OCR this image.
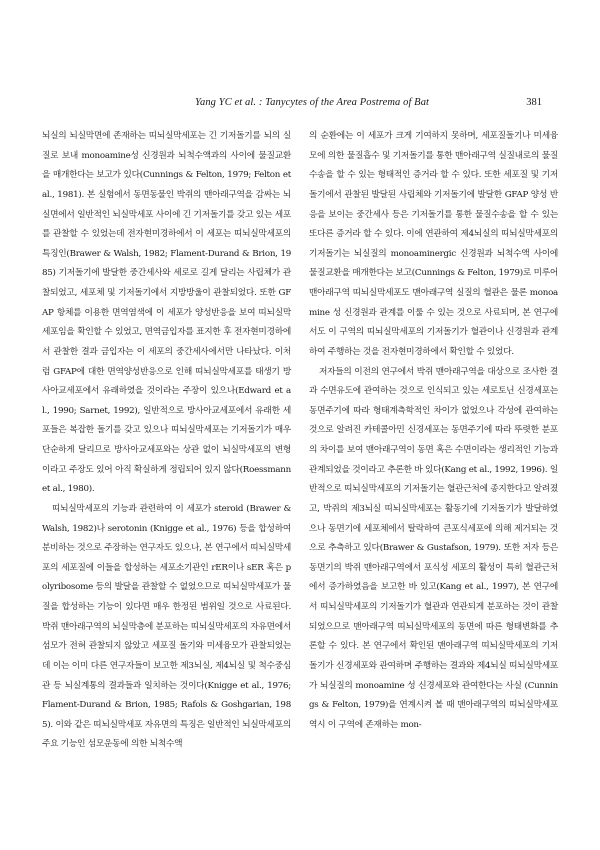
Yang YC et al. : Tanycytes of the Area Postrema of Bat	381

뇌실의 뇌실막면에 존재하는 띠뇌실막세포는 긴 기저돌기를 뇌의 실질로 보내 monoamine성 신경원과 뇌척수액과의 사이에 물질교환을 매개한다는 보고가 있다(Cunnings & Felton, 1979; Felton et al., 1981). 본 실험에서 동면동물인 박쥐의 맨아래구역을 감싸는 뇌실면에서 일반적인 뇌실막세포 사이에 긴 기저돌기를 갖고 있는 세포를 관찰할 수 있었는데 전자현미경하에서 이 세포는 띠뇌실막세포의 특징인(Brawer & Walsh, 1982; Flament-Durand & Brion, 1985) 기저돌기에 발달한 중간세사와 세로로 길게 달리는 사립체가 관찰되었고, 세포체 및 기저돌기에서 지방방울이 관찰되었다. 또한 GFAP 항체를 이용한 면역염색에 이 세포가 양성반응을 보여 띠뇌실막세포임을 확인할 수 있었고, 면역금입자를 표지한 후 전자현미경하에서 관찰한 결과 금입자는 이 세포의 중간세사에서만 나타났다. 이처럼 GFAP에 대한 면역양성반응으로 인해 띠뇌실막세포를 태생기 방사아교세포에서 유래하였을 것이라는 주장이 있으나(Edward et al., 1990; Sarnet, 1992), 일반적으로 방사아교세포에서 유래한 세포들은 복잡한 돌기를 갖고 있으나 띠뇌실막세포는 기저돌기가 매우 단순하게 달리므로 방사아교세포와는 상관 없이 뇌실막세포의 변형이라고 주장도 있어 아직 확실하게 정립되어 있지 않다(Roessmann et al., 1980).

띠뇌실막세포의 기능과 관련하여 이 세포가 steroid (Brawer & Walsh, 1982)나 serotonin (Knigge et al., 1976) 등을 합성하여 분비하는 것으로 주장하는 연구자도 있으나, 본 연구에서 띠뇌실막세포의 세포질에 이들을 합성하는 세포소기관인 rER이나 sER 혹은 polyribosome 등의 발달을 관찰할 수 없었으므로 띠뇌실막세포가 물질을 합성하는 기능이 있다면 매우 한정된 범위일 것으로 사료된다. 박쥐 맨아래구역의 뇌실막층에 분포하는 띠뇌실막세포의 자유면에서 섬모가 전혀 관찰되지 않았고 세포질 돌기와 미세융모가 관찰되었는데 이는 이미 다른 연구자들이 보고한 제3뇌실, 제4뇌실 및 척수중심관 등 뇌실계통의 결과들과 일치하는 것이다(Knigge et al., 1976; Flament-Durand & Brion, 1985; Rafols & Goshgarian, 1985). 이와 같은 띠뇌실막세포 자유면의 특징은 일반적인 뇌실막세포의 주요 기능인 섬모운동에 의한 뇌척수액

의 순환에는 이 세포가 크게 기여하지 못하며, 세포질돌기나 미세융모에 의한 물질흡수 및 기저돌기를 통한 맨아래구역 실질내로의 물질수송을 할 수 있는 형태적인 증거라 할 수 있다. 또한 세포질 및 기저돌기에서 관찰된 발달된 사립체와 기저돌기에 발달한 GFAP 양성 반응을 보이는 중간세사 등은 기저돌기를 통한 물질수송을 할 수 있는 또다른 증거라 할 수 있다. 이에 연관하여 제4뇌실의 띠뇌실막세포의 기저돌기는 뇌실질의 monoaminergic 신경원과 뇌척수액 사이에 물질교환을 매개한다는 보고(Cunnings & Felton, 1979)로 미루어 맨아래구역 띠뇌실막세포도 맨아래구역 실질의 혈관은 물론 monoamine 성 신경원과 관계를 이룰 수 있는 것으로 사료되며, 본 연구에서도 이 구역의 띠뇌실막세포의 기저돌기가 혈관이나 신경원과 관계하여 주행하는 것을 전자현미경하에서 확인할 수 있었다.

저자들의 이전의 연구에서 박쥐 맨아래구역을 대상으로 조사한 결과 수면유도에 관여하는 것으로 인식되고 있는 세로토닌 신경세포는 동면주기에 따라 형태계측학적인 차이가 없었으나 각성에 관여하는 것으로 알려진 카테콜아민 신경세포는 동면주기에 따라 뚜렷한 분포의 차이를 보여 맨아래구역이 동면 혹은 수면이라는 생리적인 기능과 관계되었을 것이라고 추론한 바 있다(Kang et al., 1992, 1996). 일반적으로 띠뇌실막세포의 기저돌기는 혈관근처에 종지한다고 알려졌고, 박쥐의 제3뇌실 띠뇌실막세포는 활동기에 기저돌기가 발달하였으나 동면기에 세포체에서 탈락하여 큰포식세포에 의해 제거되는 것으로 추측하고 있다(Brawer & Gustafson, 1979). 또한 저자 등은 동면기의 박쥐 맨아래구역에서 포식성 세포의 활성이 특히 혈관근처에서 증가하였음을 보고한 바 있고(Kang et al., 1997), 본 연구에서 띠뇌실막세포의 기저돌기가 혈관과 연관되게 분포하는 것이 관찰되었으므로 맨아래구역 띠뇌실막세포의 동면에 따른 형태변화를 추론할 수 있다. 본 연구에서 확인된 맨아래구역 띠뇌실막세포의 기저돌기가 신경세포와 관여하며 주행하는 결과와 제4뇌실 띠뇌실막세포가 뇌실질의 monoamine 성 신경세포와 관여한다는 사실 (Cunnings & Felton, 1979)을 연계시켜 볼 때 맨아래구역의 띠뇌실막세포 역시 이 구역에 존재하는 mon-
